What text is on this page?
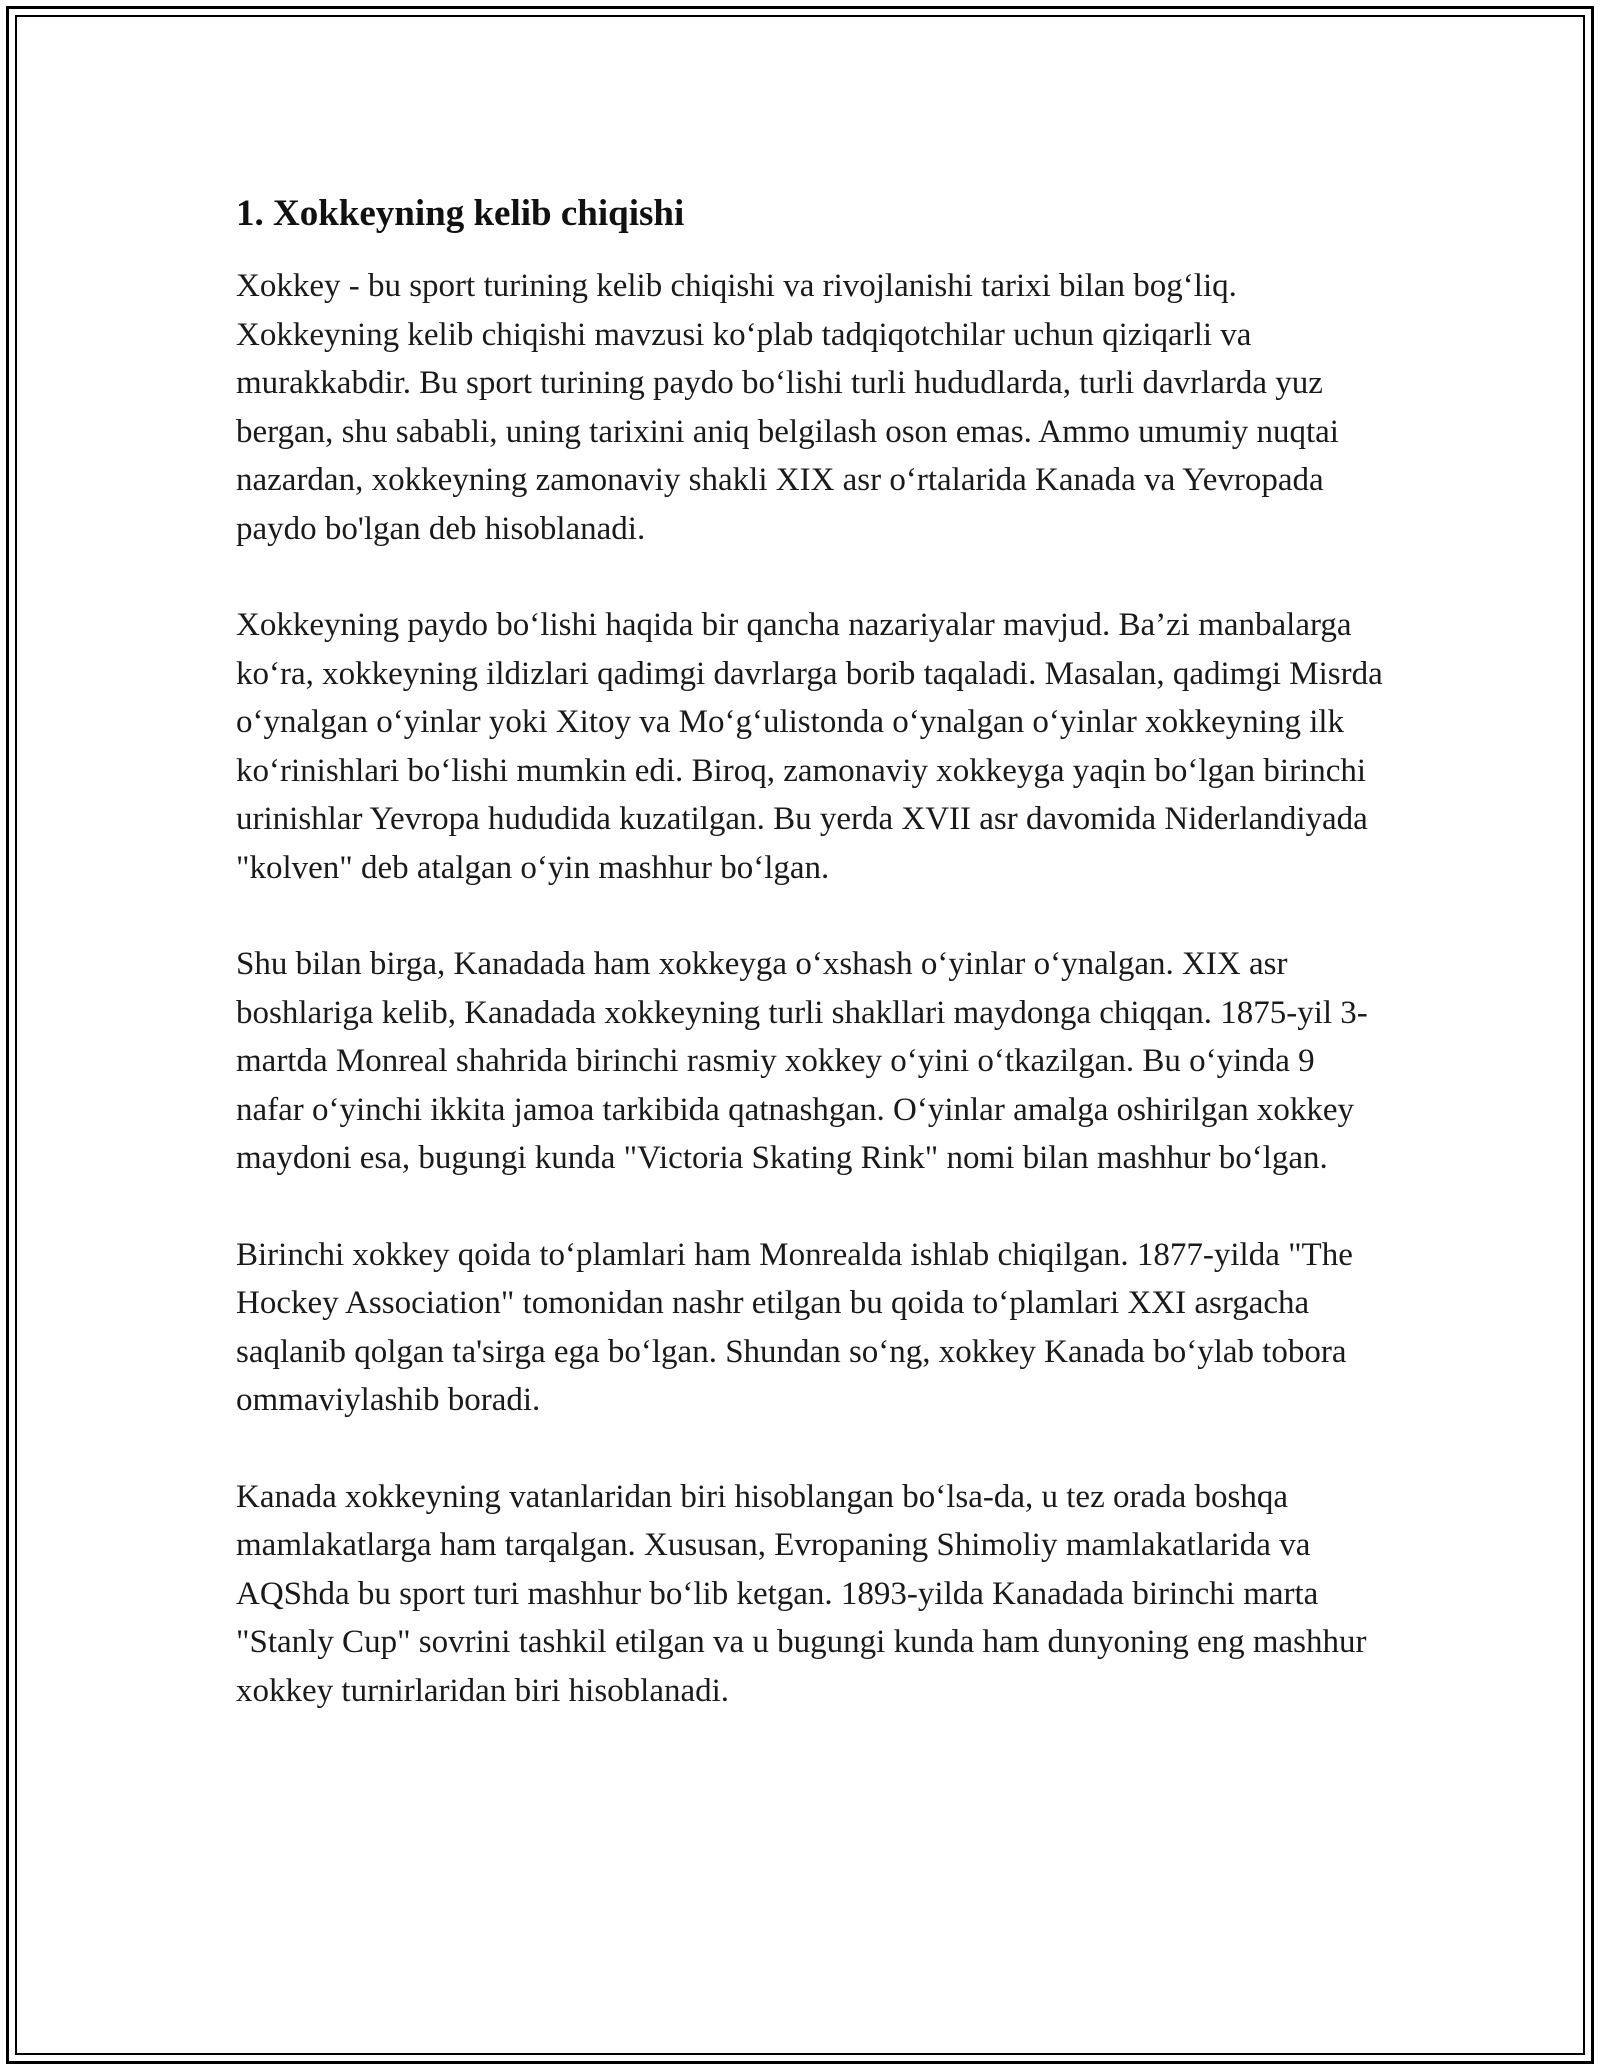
1. Xokkeyning kelib chiqishi

Xokkey - bu sport turining kelib chiqishi va rivojlanishi tarixi bilan bog‘liq. Xokkeyning kelib chiqishi mavzusi ko‘plab tadqiqotchilar uchun qiziqarli va murakkabdir. Bu sport turining paydo bo‘lishi turli hududlarda, turli davrlarda yuz bergan, shu sababli, uning tarixini aniq belgilash oson emas. Ammo umumiy nuqtai nazardan, xokkeyning zamonaviy shakli XIX asr o‘rtalarida Kanada va Yevropada paydo bo'lgan deb hisoblanadi.

Xokkeyning paydo bo‘lishi haqida bir qancha nazariyalar mavjud. Ba’zi manbalarga ko‘ra, xokkeyning ildizlari qadimgi davrlarga borib taqaladi. Masalan, qadimgi Misrda o‘ynalgan o‘yinlar yoki Xitoy va Mo‘g‘ulistonda o‘ynalgan o‘yinlar xokkeyning ilk ko‘rinishlari bo‘lishi mumkin edi. Biroq, zamonaviy xokkeyga yaqin bo‘lgan birinchi urinishlar Yevropa hududida kuzatilgan. Bu yerda XVII asr davomida Niderlandiyada "kolven" deb atalgan o‘yin mashhur bo‘lgan.

Shu bilan birga, Kanadada ham xokkeyga o‘xshash o‘yinlar o‘ynalgan. XIX asr boshlariga kelib, Kanadada xokkeyning turli shakllari maydonga chiqqan. 1875-yil 3-martda Monreal shahrida birinchi rasmiy xokkey o‘yini o‘tkazilgan. Bu o‘yinda 9 nafar o‘yinchi ikkita jamoa tarkibida qatnashgan. O‘yinlar amalga oshirilgan xokkey maydoni esa, bugungi kunda "Victoria Skating Rink" nomi bilan mashhur bo‘lgan.

Birinchi xokkey qoida to‘plamlari ham Monrealda ishlab chiqilgan. 1877-yilda "The Hockey Association" tomonidan nashr etilgan bu qoida to‘plamlari XXI asrgacha saqlanib qolgan ta'sirga ega bo‘lgan. Shundan so‘ng, xokkey Kanada bo‘ylab tobora ommaviylashib boradi.

Kanada xokkeyning vatanlaridan biri hisoblangan bo‘lsa-da, u tez orada boshqa mamlakatlarga ham tarqalgan. Xususan, Evropaning Shimoliy mamlakatlarida va AQShda bu sport turi mashhur bo‘lib ketgan. 1893-yilda Kanadada birinchi marta "Stanly Cup" sovrini tashkil etilgan va u bugungi kunda ham dunyoning eng mashhur xokkey turnirlaridan biri hisoblanadi.
